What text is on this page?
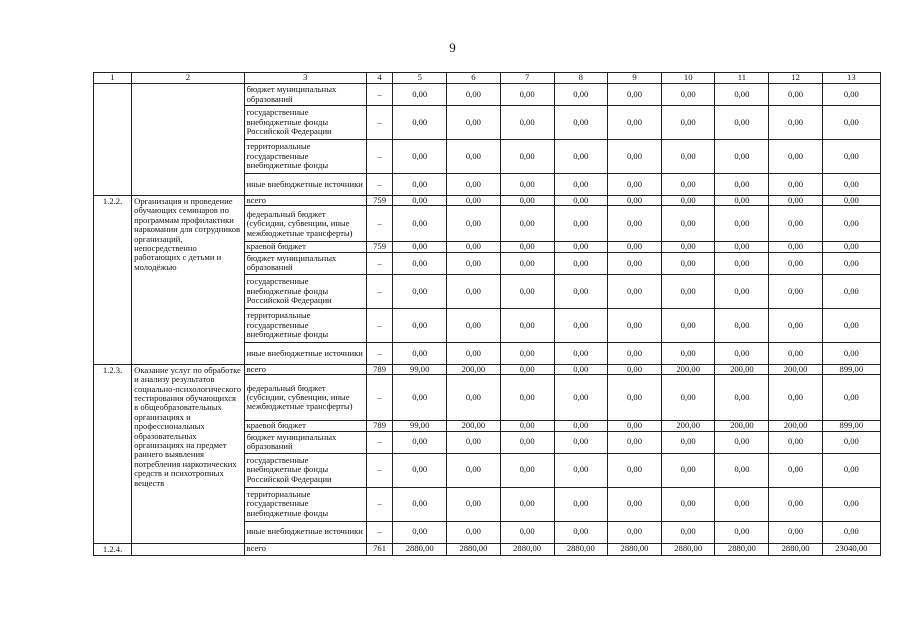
9
1	2	3	4	5	6	7	8	9	10	11	12	13
		бюджет муниципальных образований	–	0,00	0,00	0,00	0,00	0,00	0,00	0,00	0,00	0,00
		государственные внебюджетные фонды Российской Федерации	–	0,00	0,00	0,00	0,00	0,00	0,00	0,00	0,00	0,00
		территориальные государственные внебюджетные фонды	–	0,00	0,00	0,00	0,00	0,00	0,00	0,00	0,00	0,00
		иные внебюджетные источники	–	0,00	0,00	0,00	0,00	0,00	0,00	0,00	0,00	0,00
1.2.2.	Организация и проведение обучающих семинаров по программам профилактики наркомании для сотрудников организаций, непосредственно работающих с детьми и молодёжью	всего	759	0,00	0,00	0,00	0,00	0,00	0,00	0,00	0,00	0,00
		федеральный бюджет (субсидии, субвенции, иные межбюджетные трансферты)	–	0,00	0,00	0,00	0,00	0,00	0,00	0,00	0,00	0,00
		краевой бюджет	759	0,00	0,00	0,00	0,00	0,00	0,00	0,00	0,00	0,00
		бюджет муниципальных образований	–	0,00	0,00	0,00	0,00	0,00	0,00	0,00	0,00	0,00
		государственные внебюджетные фонды Российской Федерации	–	0,00	0,00	0,00	0,00	0,00	0,00	0,00	0,00	0,00
		территориальные государственные внебюджетные фонды	–	0,00	0,00	0,00	0,00	0,00	0,00	0,00	0,00	0,00
		иные внебюджетные источники	–	0,00	0,00	0,00	0,00	0,00	0,00	0,00	0,00	0,00
1.2.3.	Оказание услуг по обработке и анализу результатов социально-психологического тестирования обучающихся в общеобразовательных организациях и профессиональных образовательных организациях на предмет раннего выявления потребления наркотических средств и психотропных веществ	всего	789	99,00	200,00	0,00	0,00	0,00	200,00	200,00	200,00	899,00
		федеральный бюджет (субсидии, субвенции, иные межбюджетные трансферты)	–	0,00	0,00	0,00	0,00	0,00	0,00	0,00	0,00	0,00
		краевой бюджет	789	99,00	200,00	0,00	0,00	0,00	200,00	200,00	200,00	899,00
		бюджет муниципальных образований	–	0,00	0,00	0,00	0,00	0,00	0,00	0,00	0,00	0,00
		государственные внебюджетные фонды Российской Федерации	–	0,00	0,00	0,00	0,00	0,00	0,00	0,00	0,00	0,00
		территориальные государственные внебюджетные фонды	–	0,00	0,00	0,00	0,00	0,00	0,00	0,00	0,00	0,00
		иные внебюджетные источники	–	0,00	0,00	0,00	0,00	0,00	0,00	0,00	0,00	0,00
1.2.4.		всего	761	2880,00	2880,00	2880,00	2880,00	2880,00	2880,00	2880,00	2880,00	23040,00
